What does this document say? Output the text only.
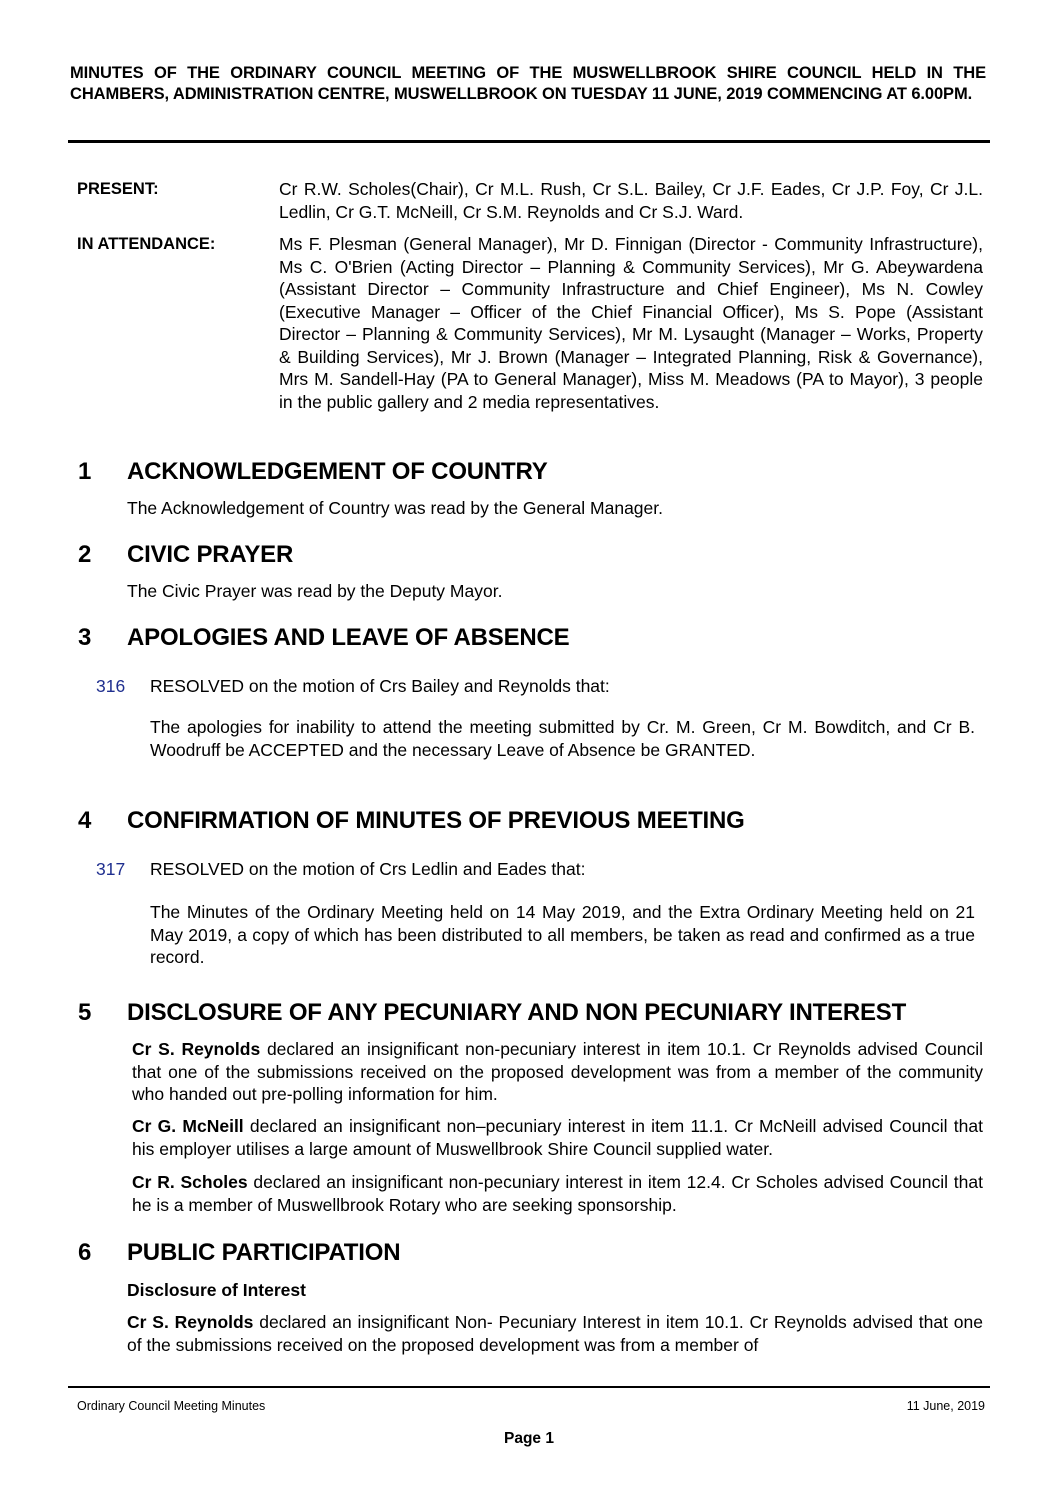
MINUTES OF THE ORDINARY COUNCIL MEETING OF THE MUSWELLBROOK SHIRE COUNCIL HELD IN THE CHAMBERS, ADMINISTRATION CENTRE, MUSWELLBROOK ON TUESDAY 11 JUNE, 2019 COMMENCING AT 6.00PM.
PRESENT:	Cr R.W. Scholes(Chair), Cr M.L. Rush, Cr S.L. Bailey, Cr J.F. Eades, Cr J.P. Foy, Cr J.L. Ledlin, Cr G.T. McNeill, Cr S.M. Reynolds and Cr S.J. Ward.
IN ATTENDANCE:	Ms F. Plesman (General Manager), Mr D. Finnigan (Director - Community Infrastructure), Ms C. O'Brien (Acting Director – Planning & Community Services), Mr G. Abeywardena (Assistant Director – Community Infrastructure and Chief Engineer), Ms N. Cowley (Executive Manager – Officer of the Chief Financial Officer), Ms S. Pope (Assistant Director – Planning & Community Services), Mr M. Lysaught (Manager – Works, Property & Building Services), Mr J. Brown (Manager – Integrated Planning, Risk & Governance), Mrs M. Sandell-Hay (PA to General Manager), Miss M. Meadows (PA to Mayor), 3 people in the public gallery and 2 media representatives.
1 ACKNOWLEDGEMENT OF COUNTRY
The Acknowledgement of Country was read by the General Manager.
2 CIVIC PRAYER
The Civic Prayer was read by the Deputy Mayor.
3 APOLOGIES AND LEAVE OF ABSENCE
316 RESOLVED on the motion of Crs Bailey and Reynolds that:
The apologies for inability to attend the meeting submitted by Cr. M. Green, Cr M. Bowditch, and Cr B. Woodruff be ACCEPTED and the necessary Leave of Absence be GRANTED.
4 CONFIRMATION OF MINUTES OF PREVIOUS MEETING
317 RESOLVED on the motion of Crs Ledlin and Eades that:
The Minutes of the Ordinary Meeting held on 14 May 2019, and the Extra Ordinary Meeting held on 21 May 2019, a copy of which has been distributed to all members, be taken as read and confirmed as a true record.
5 DISCLOSURE OF ANY PECUNIARY AND NON PECUNIARY INTEREST
Cr S. Reynolds declared an insignificant non-pecuniary interest in item 10.1. Cr Reynolds advised Council that one of the submissions received on the proposed development was from a member of the community who handed out pre-polling information for him.
Cr G. McNeill declared an insignificant non–pecuniary interest in item 11.1. Cr McNeill advised Council that his employer utilises a large amount of Muswellbrook Shire Council supplied water.
Cr R. Scholes declared an insignificant non-pecuniary interest in item 12.4. Cr Scholes advised Council that he is a member of Muswellbrook Rotary who are seeking sponsorship.
6 PUBLIC PARTICIPATION
Disclosure of Interest
Cr S. Reynolds declared an insignificant Non- Pecuniary Interest in item 10.1. Cr Reynolds advised that one of the submissions received on the proposed development was from a member of
Ordinary Council Meeting Minutes	11 June, 2019
Page 1
